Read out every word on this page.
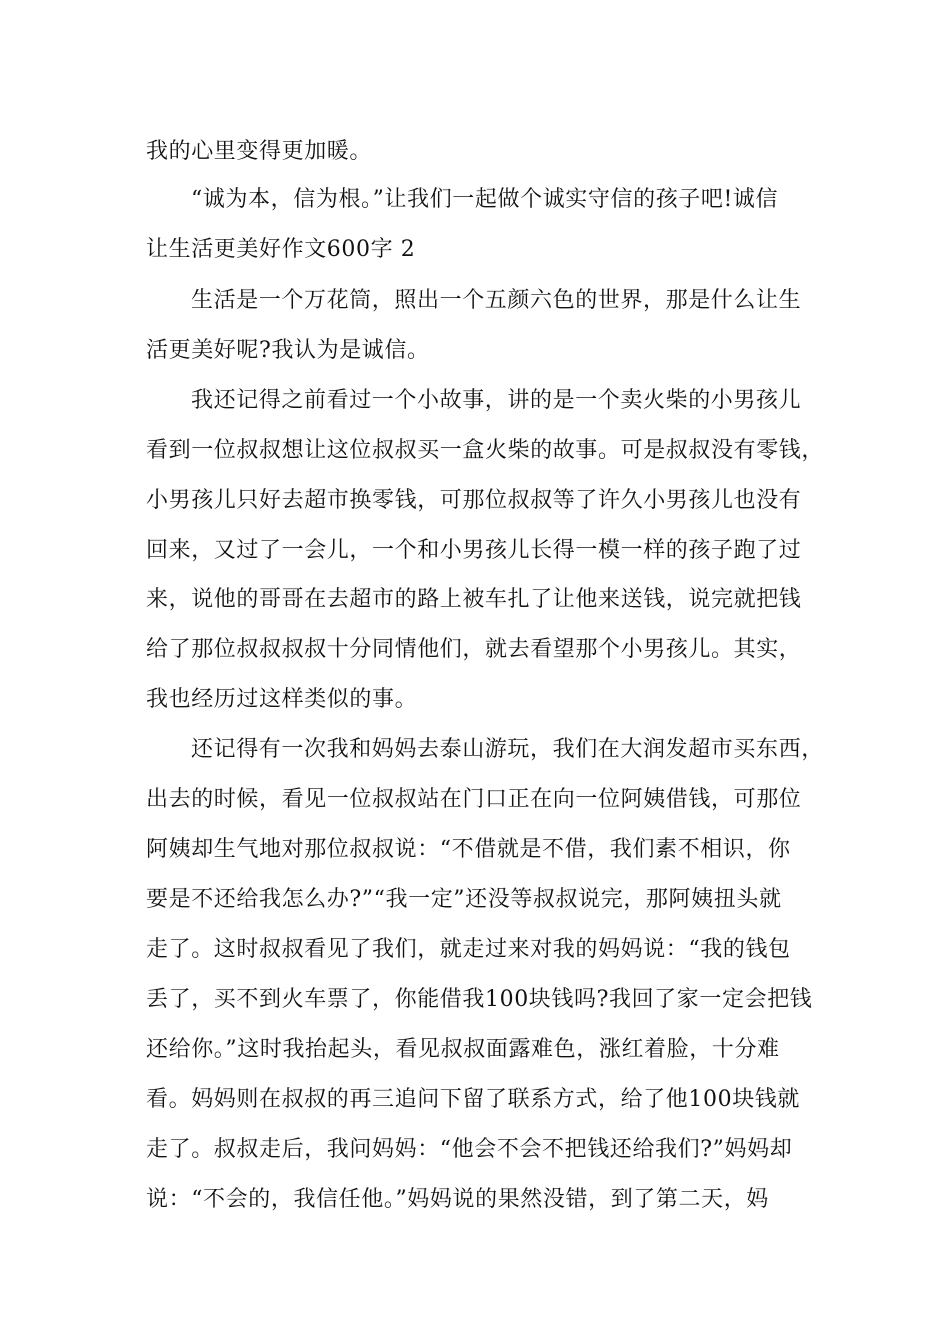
我的心里变得更加暖。
“诚为本，信为根。”让我们一起做个诚实守信的孩子吧!诚信
让生活更美好作文600字 2
生活是一个万花筒，照出一个五颜六色的世界，那是什么让生
活更美好呢?我认为是诚信。
我还记得之前看过一个小故事，讲的是一个卖火柴的小男孩儿
看到一位叔叔想让这位叔叔买一盒火柴的故事。可是叔叔没有零钱，
小男孩儿只好去超市换零钱，可那位叔叔等了许久小男孩儿也没有
回来，又过了一会儿，一个和小男孩儿长得一模一样的孩子跑了过
来，说他的哥哥在去超市的路上被车扎了让他来送钱，说完就把钱
给了那位叔叔叔叔十分同情他们，就去看望那个小男孩儿。其实，
我也经历过这样类似的事。
还记得有一次我和妈妈去泰山游玩，我们在大润发超市买东西，
出去的时候，看见一位叔叔站在门口正在向一位阿姨借钱，可那位
阿姨却生气地对那位叔叔说：“不借就是不借，我们素不相识，你
要是不还给我怎么办?”“我一定”还没等叔叔说完，那阿姨扭头就
走了。这时叔叔看见了我们，就走过来对我的妈妈说：“我的钱包
丢了，买不到火车票了，你能借我100块钱吗?我回了家一定会把钱
还给你。”这时我抬起头，看见叔叔面露难色，涨红着脸，十分难
看。妈妈则在叔叔的再三追问下留了联系方式，给了他100块钱就
走了。叔叔走后，我问妈妈：“他会不会不把钱还给我们?”妈妈却
说：“不会的，我信任他。”妈妈说的果然没错，到了第二天，妈
